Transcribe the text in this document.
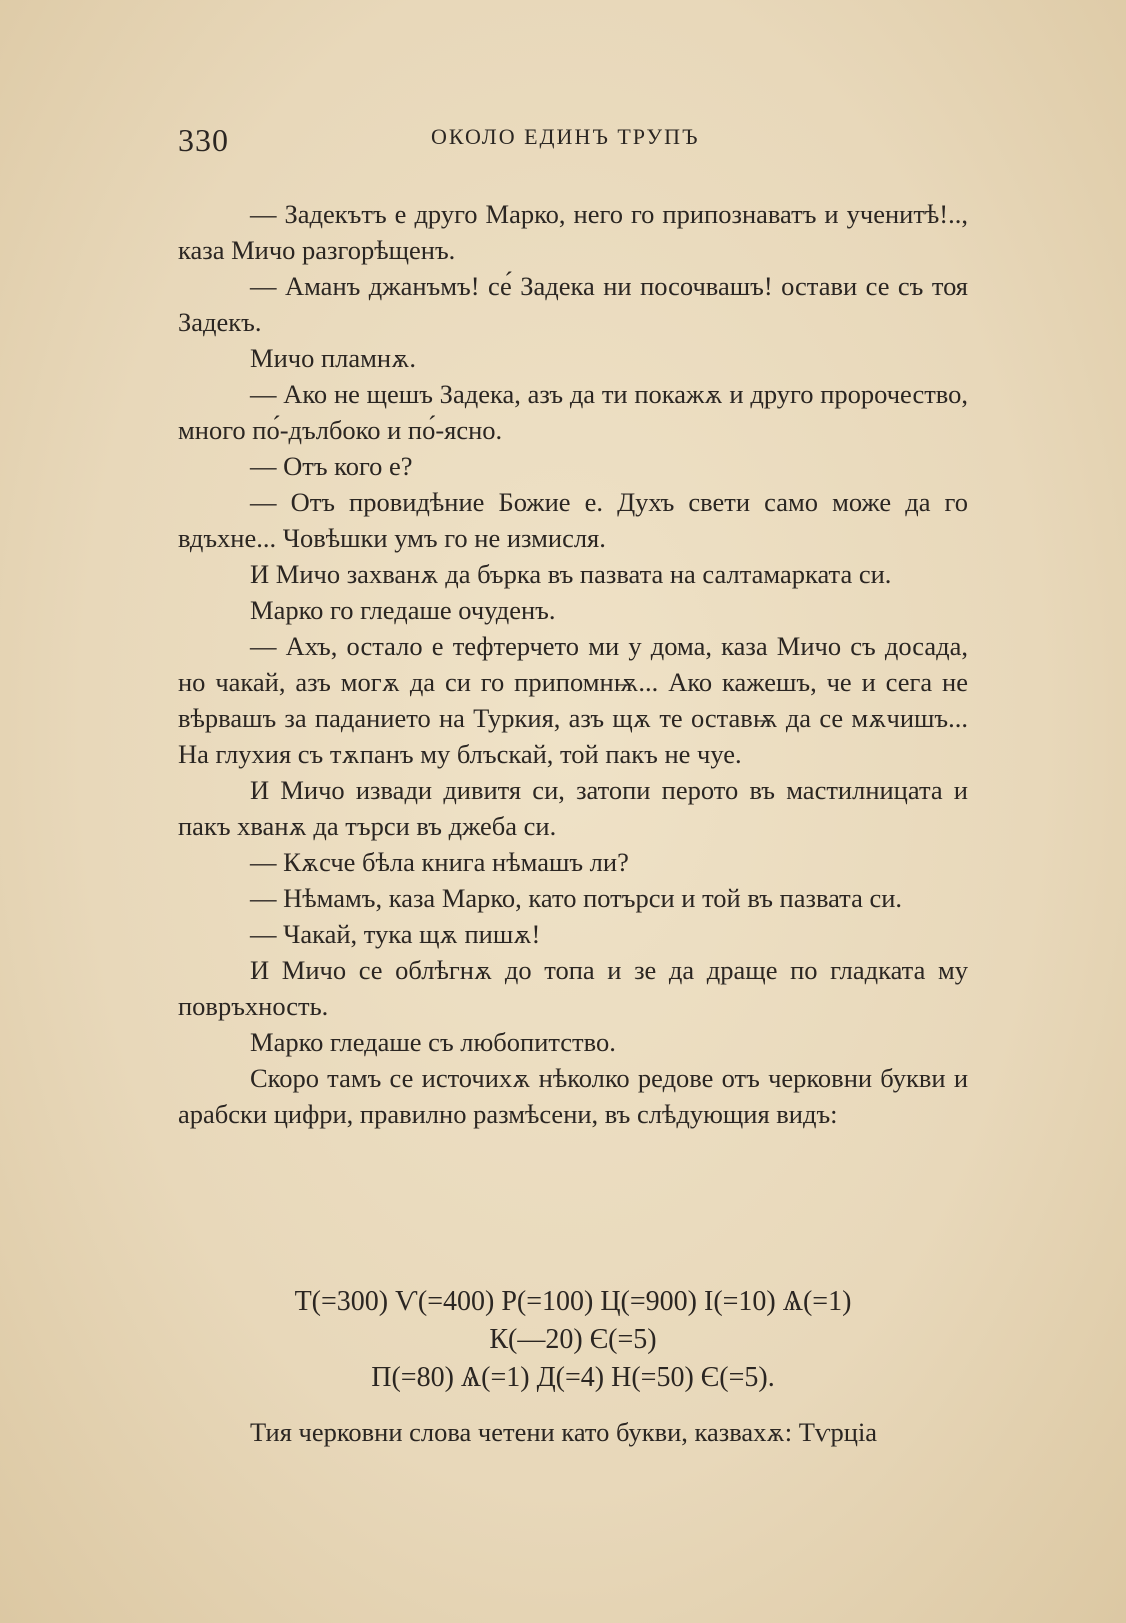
330	ОКОЛО ЕДИНЪ ТРУПЪ

— Задекътъ е друго Марко, него го припознаватъ и ученитѣ!.., каза Мичо разгорѣщенъ.

— Аманъ джанъмъ! се́ Задека ни посочвашъ! остави се съ тоя Задекъ.

Мичо пламнѫ.

— Ако не щешъ Задека, азъ да ти покажѫ и друго пророчество, много по́-дълбоко и по́-ясно.

— Отъ кого е?

— Отъ провидѣние Божие е. Духъ свети само може да го вдъхне... Човѣшки умъ го не измисля.

И Мичо захванѫ да бърка въ пазвата на салтамарката си.

Марко го гледаше очуденъ.

— Ахъ, остало е тефтерчето ми у дома, каза Мичо съ досада, но чакай, азъ могѫ да си го припомнѭ... Ако кажешъ, че и сега не вѣрвашъ за паданието на Туркия, азъ щѫ те оставѭ да се мѫчишъ... На глухия съ тѫпанъ му блъскай, той пакъ не чуе.

И Мичо извади дивитя си, затопи перото въ мастилницата и пакъ хванѫ да търси въ джеба си.

— Кѫсче бѣла книга нѣмашъ ли?

— Нѣмамъ, каза Марко, като потърси и той въ пазвата си.

— Чакай, тука щѫ пишѫ!

И Мичо се облѣгнѫ до топа и зе да драще по гладката му повръхность.

Марко гледаше съ любопитство.

Скоро тамъ се источихѫ нѣколко редове отъ черковни букви и арабски цифри, правилно размѣсени, въ слѣдующия видъ:

Т(=300) Ѵ(=400) Р(=100) Ц(=900) І(=10) Ѧ(=1)

К(—20) Є(=5)

П(=80) Ѧ(=1) Д(=4) Н(=50) Є(=5).

Тия черковни слова четени като букви, казвахѫ: Тѵрціа
